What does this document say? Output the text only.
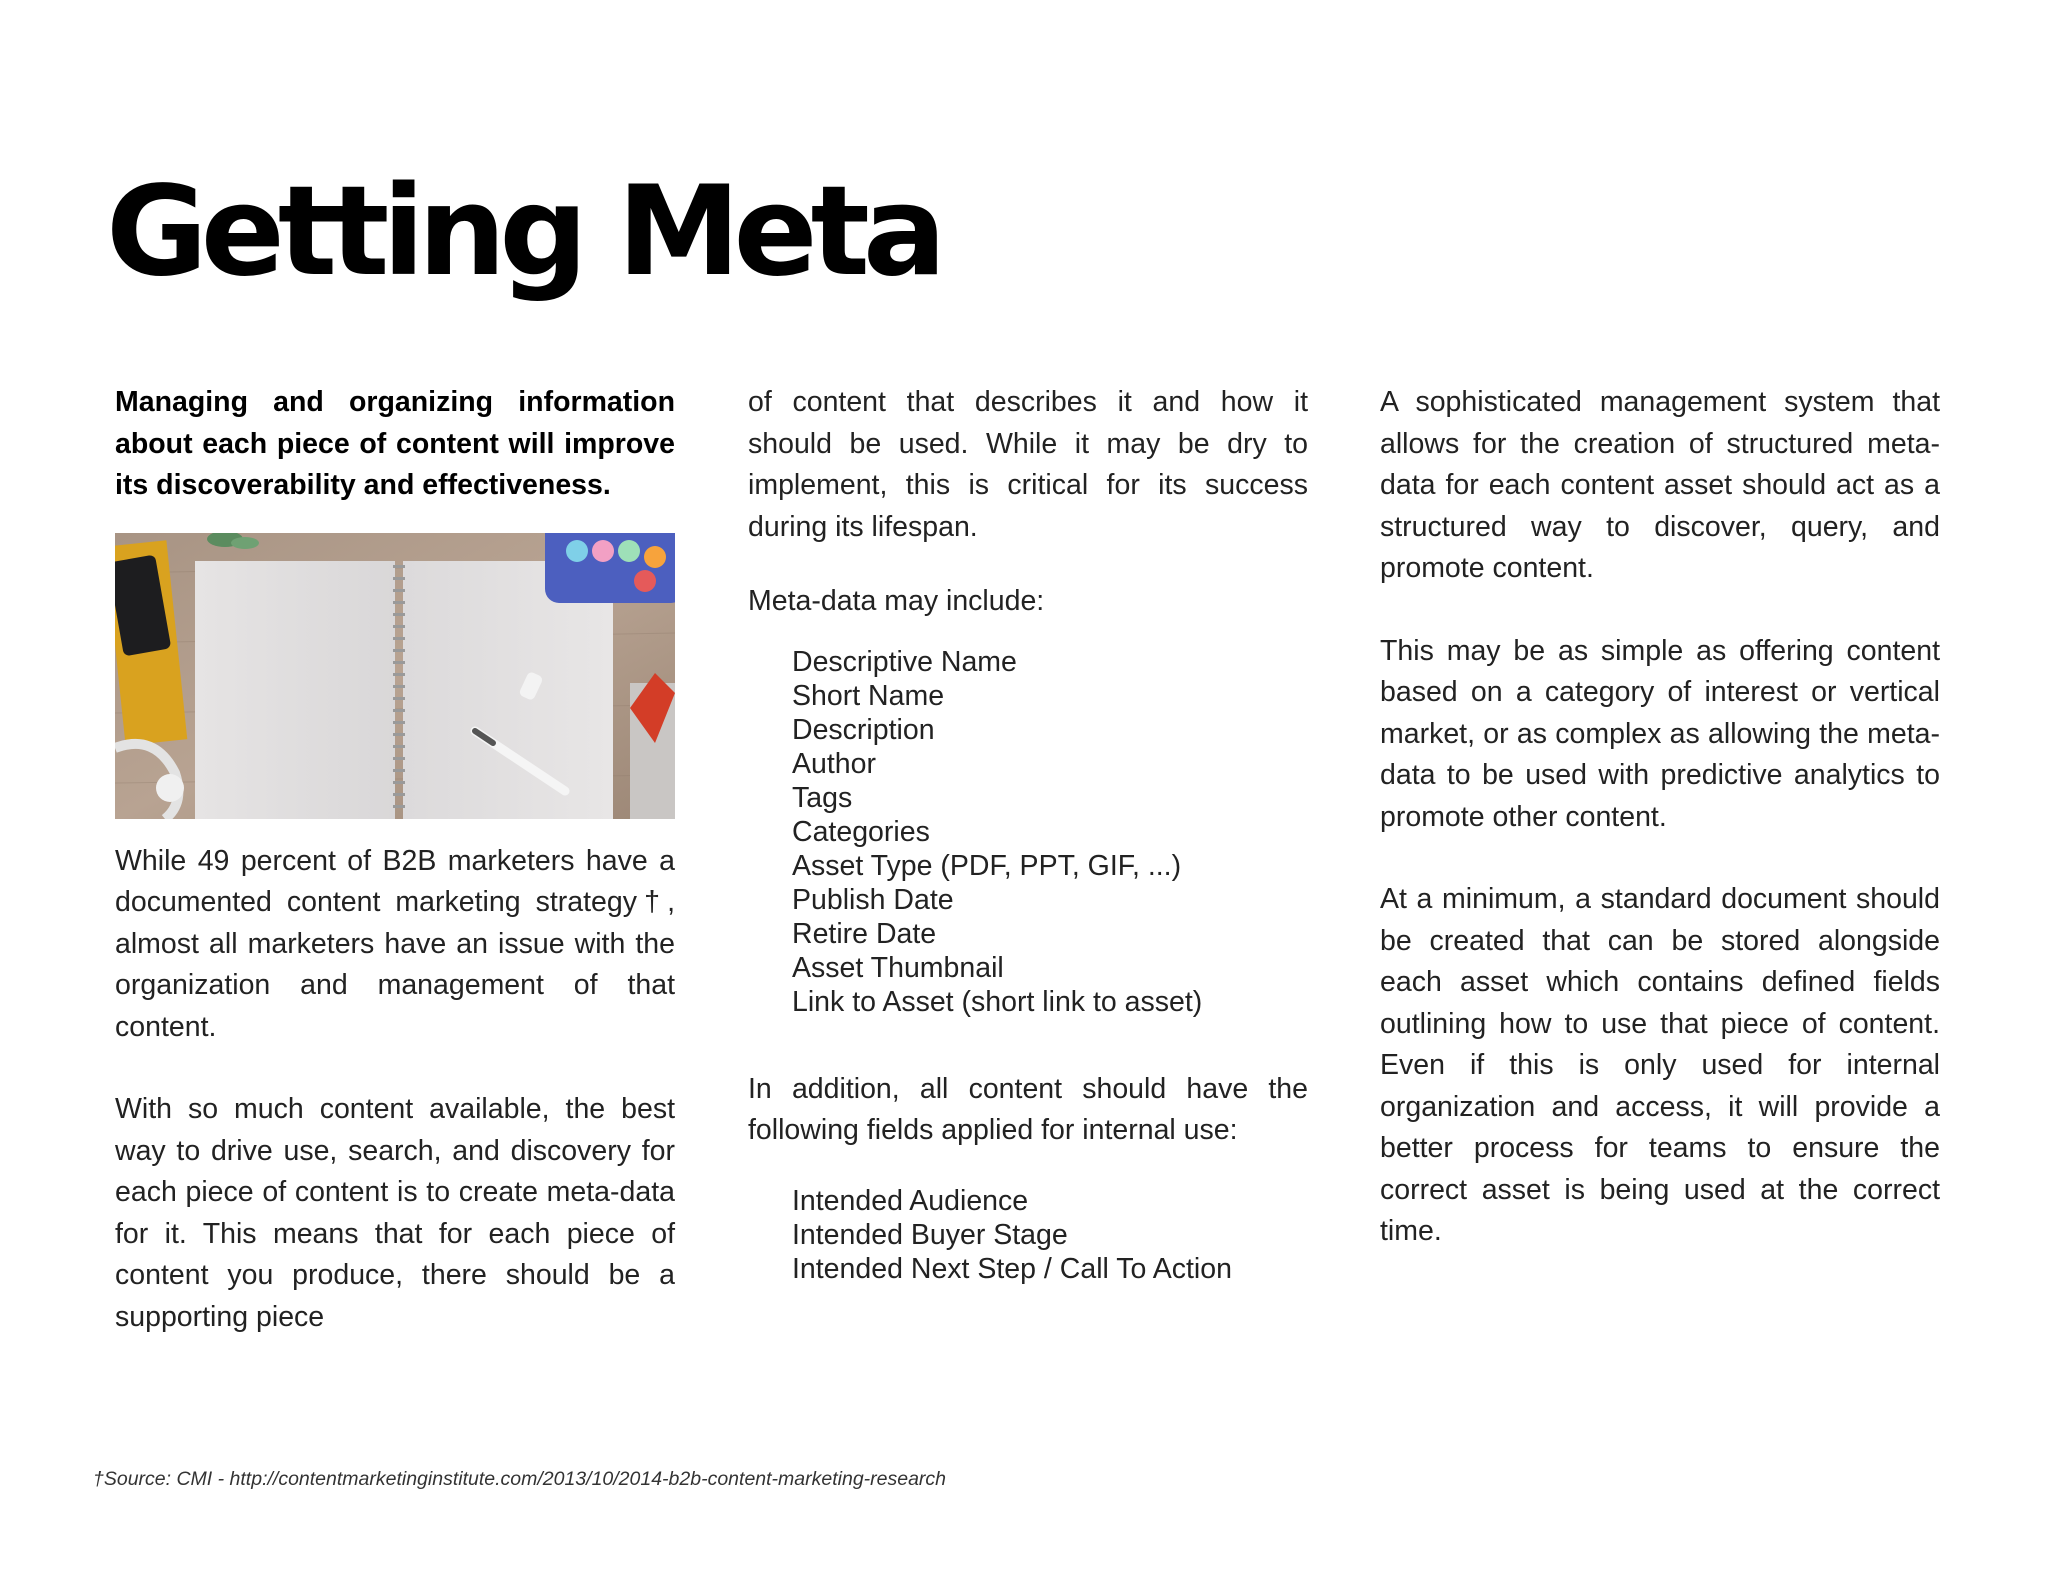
Getting Meta

Managing and organizing information about each piece of content will improve its discoverability and effectiveness.

While 49 percent of B2B marketers have a documented content marketing strategy†, almost all marketers have an issue with the organization and management of that content.

With so much content available, the best way to drive use, search, and discovery for each piece of content is to create meta-data for it. This means that for each piece of content you produce, there should be a supporting piece

of content that describes it and how it should be used. While it may be dry to implement, this is critical for its success during its lifespan.

Meta-data may include:

Descriptive Name
Short Name
Description
Author
Tags
Categories
Asset Type (PDF, PPT, GIF, ...)
Publish Date
Retire Date
Asset Thumbnail
Link to Asset (short link to asset)

In addition, all content should have the following fields applied for internal use:

Intended Audience
Intended Buyer Stage
Intended Next Step / Call To Action

A sophisticated management system that allows for the creation of structured meta-data for each content asset should act as a structured way to discover, query, and promote content.

This may be as simple as offering content based on a category of interest or vertical market, or as complex as allowing the meta-data to be used with predictive analytics to promote other content.

At a minimum, a standard document should be created that can be stored alongside each asset which contains defined fields outlining how to use that piece of content. Even if this is only used for internal organization and access, it will provide a better process for teams to ensure the correct asset is being used at the correct time.

†Source: CMI - http://contentmarketinginstitute.com/2013/10/2014-b2b-content-marketing-research
